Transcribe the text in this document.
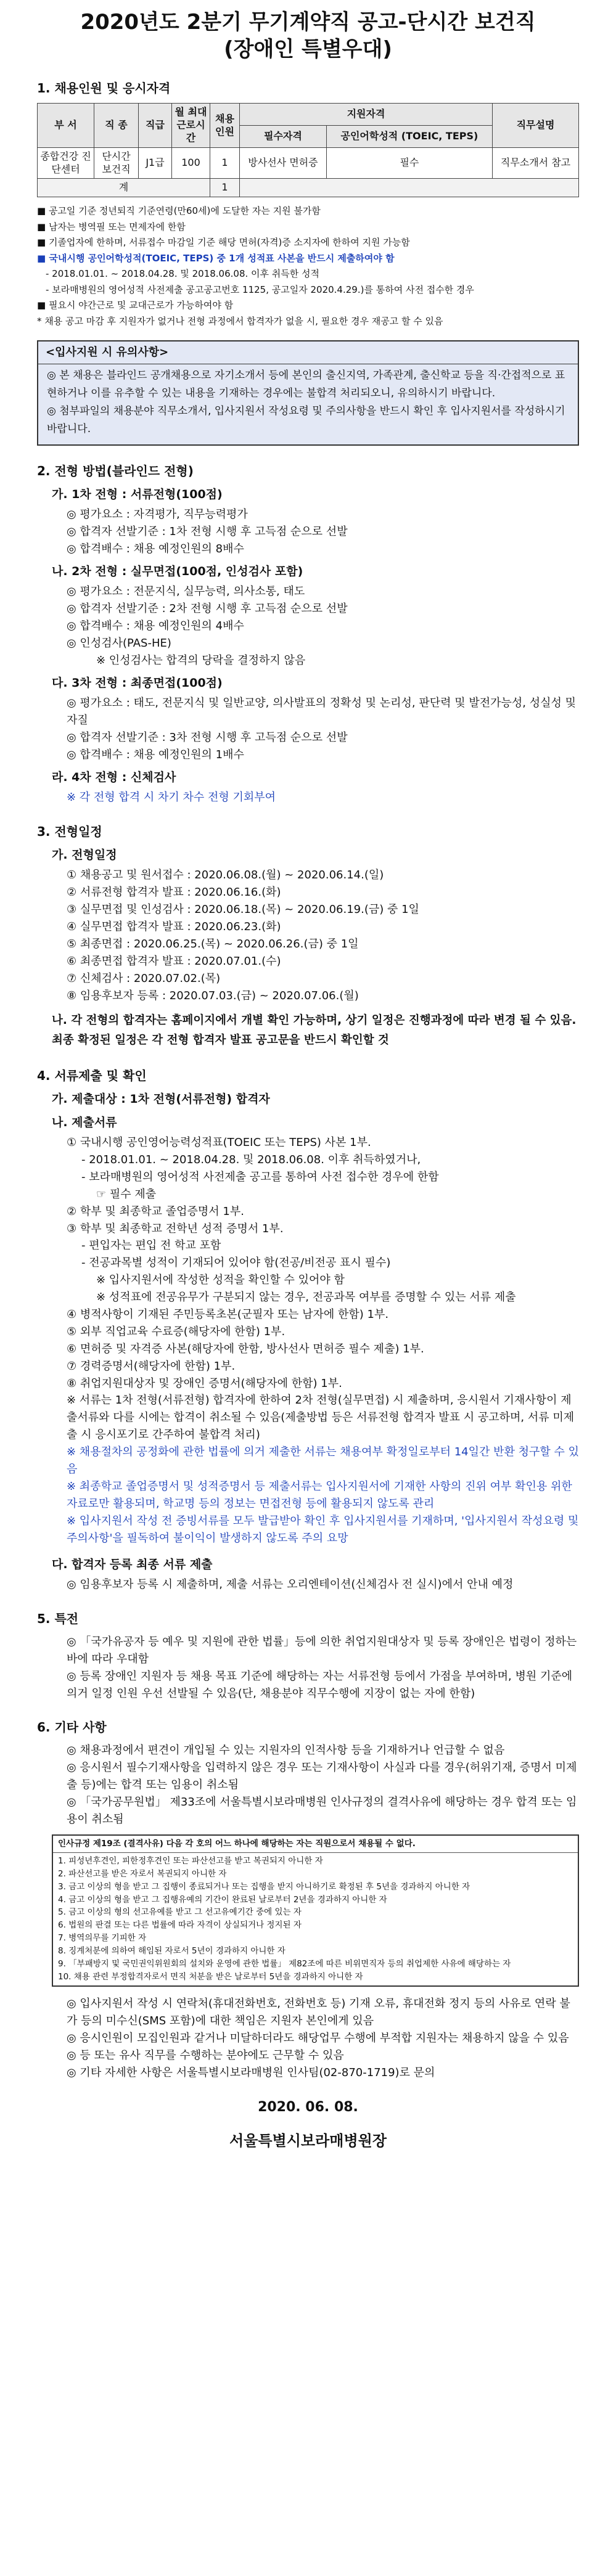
2020년도 2분기 무기계약직 공고-단시간 보건직
(장애인 특별우대)
1. 채용인원 및 응시자격
부 서	직 종	직급	월 최대 근로시간	채용 인원	지원자격		직무설명
					필수자격	공인어학성적 (TOEIC, TEPS)	
종합건강 진단센터	단시간 보건직	J1급	100	1	방사선사 면허증	필수	직무소개서 참고
계				1			
■ 공고일 기준 정년퇴직 기준연령(만60세)에 도달한 자는 지원 불가함
■ 남자는 병역필 또는 면제자에 한함
■ 기졸업자에 한하며, 서류접수 마감일 기준 해당 면허(자격)증 소지자에 한하여 지원 가능함
■ 국내시행 공인어학성적(TOEIC, TEPS) 중 1개 성적표 사본을 반드시 제출하여야 함
- 2018.01.01. ~ 2018.04.28. 및 2018.06.08. 이후 취득한 성적
- 보라매병원의 영어성적 사전제출 공고공고번호 1125, 공고일자 2020.4.29.)를 통하여 사전 접수한 경우
■ 필요시 야간근로 및 교대근로가 가능하여야 함
* 채용 공고 마감 후 지원자가 없거나 전형 과정에서 합격자가 없을 시, 필요한 경우 재공고 할 수 있음
<입사지원 시 유의사항>
◎ 본 채용은 블라인드 공개채용으로 자기소개서 등에 본인의 출신지역, 가족관계, 출신학교 등을 직·간접적으로 표현하거나 이를 유추할 수 있는 내용을 기재하는 경우에는 불합격 처리되오니, 유의하시기 바랍니다.
◎ 첨부파일의 채용분야 직무소개서, 입사지원서 작성요령 및 주의사항을 반드시 확인 후 입사지원서를 작성하시기 바랍니다.
2. 전형 방법(블라인드 전형)
가. 1차 전형 : 서류전형(100점)
◎ 평가요소 : 자격평가, 직무능력평가
◎ 합격자 선발기준 : 1차 전형 시행 후 고득점 순으로 선발
◎ 합격배수 : 채용 예정인원의 8배수
나. 2차 전형 : 실무면접(100점, 인성검사 포함)
◎ 평가요소 : 전문지식, 실무능력, 의사소통, 태도
◎ 합격자 선발기준 : 2차 전형 시행 후 고득점 순으로 선발
◎ 합격배수 : 채용 예정인원의 4배수
◎ 인성검사(PAS-HE)
※ 인성검사는 합격의 당락을 결정하지 않음
다. 3차 전형 : 최종면접(100점)
◎ 평가요소 : 태도, 전문지식 및 일반교양, 의사발표의 정확성 및 논리성, 판단력 및 발전가능성, 성실성 및 자질
◎ 합격자 선발기준 : 3차 전형 시행 후 고득점 순으로 선발
◎ 합격배수 : 채용 예정인원의 1배수
라. 4차 전형 : 신체검사
※ 각 전형 합격 시 차기 차수 전형 기회부여
3. 전형일정
가. 전형일정
① 채용공고 및 원서접수 : 2020.06.08.(월) ~ 2020.06.14.(일)
② 서류전형 합격자 발표 : 2020.06.16.(화)
③ 실무면접 및 인성검사 : 2020.06.18.(목) ~ 2020.06.19.(금) 중 1일
④ 실무면접 합격자 발표 : 2020.06.23.(화)
⑤ 최종면접 : 2020.06.25.(목) ~ 2020.06.26.(금) 중 1일
⑥ 최종면접 합격자 발표 : 2020.07.01.(수)
⑦ 신체검사 : 2020.07.02.(목)
⑧ 임용후보자 등록 : 2020.07.03.(금) ~ 2020.07.06.(월)
나. 각 전형의 합격자는 홈페이지에서 개별 확인 가능하며, 상기 일정은 진행과정에 따라 변경 될 수 있음. 최종 확정된 일정은 각 전형 합격자 발표 공고문을 반드시 확인할 것
4. 서류제출 및 확인
가. 제출대상 : 1차 전형(서류전형) 합격자
나. 제출서류
① 국내시행 공인영어능력성적표(TOEIC 또는 TEPS) 사본 1부.
- 2018.01.01. ~ 2018.04.28. 및 2018.06.08. 이후 취득하였거나,
- 보라매병원의 영어성적 사전제출 공고를 통하여 사전 접수한 경우에 한함
☞ 필수 제출
② 학부 및 최종학교 졸업증명서 1부.
③ 학부 및 최종학교 전학년 성적 증명서 1부.
- 편입자는 편입 전 학교 포함
- 전공과목별 성적이 기재되어 있어야 함(전공/비전공 표시 필수)
※ 입사지원서에 작성한 성적을 확인할 수 있어야 함
※ 성적표에 전공유무가 구분되지 않는 경우, 전공과목 여부를 증명할 수 있는 서류 제출
④ 병적사항이 기재된 주민등록초본(군필자 또는 남자에 한함) 1부.
⑤ 외부 직업교육 수료증(해당자에 한함) 1부.
⑥ 면허증 및 자격증 사본(해당자에 한함, 방사선사 면허증 필수 제출) 1부.
⑦ 경력증명서(해당자에 한함) 1부.
⑧ 취업지원대상자 및 장애인 증명서(해당자에 한함) 1부.
※ 서류는 1차 전형(서류전형) 합격자에 한하여 2차 전형(실무면접) 시 제출하며, 응시원서 기재사항이 제출서류와 다를 시에는 합격이 취소될 수 있음(제출방법 등은 서류전형 합격자 발표 시 공고하며, 서류 미제출 시 응시포기로 간주하여 불합격 처리)
※ 채용절차의 공정화에 관한 법률에 의거 제출한 서류는 채용여부 확정일로부터 14일간 반환 청구할 수 있음
※ 최종학교 졸업증명서 및 성적증명서 등 제출서류는 입사지원서에 기재한 사항의 진위 여부 확인용 위한 자료로만 활용되며, 학교명 등의 정보는 면접전형 등에 활용되지 않도록 관리
※ 입사지원서 작성 전 증빙서류를 모두 발급받아 확인 후 입사지원서를 기재하며, '입사지원서 작성요령 및 주의사항'을 필독하여 불이익이 발생하지 않도록 주의 요망
다. 합격자 등록 최종 서류 제출
◎ 임용후보자 등록 시 제출하며, 제출 서류는 오리엔테이션(신체검사 전 실시)에서 안내 예정
5. 특전
◎ 「국가유공자 등 예우 및 지원에 관한 법률」등에 의한 취업지원대상자 및 등록 장애인은 법령이 정하는 바에 따라 우대함
◎ 등록 장애인 지원자 등 채용 목표 기준에 해당하는 자는 서류전형 등에서 가점을 부여하며, 병원 기준에 의거 일정 인원 우선 선발될 수 있음(단, 채용분야 직무수행에 지장이 없는 자에 한함)
6. 기타 사항
◎ 채용과정에서 편견이 개입될 수 있는 지원자의 인적사항 등을 기재하거나 언급할 수 없음
◎ 응시원서 필수기재사항을 입력하지 않은 경우 또는 기재사항이 사실과 다를 경우(허위기재, 증명서 미제출 등)에는 합격 또는 임용이 취소됨
◎ 「국가공무원법」 제33조에 서울특별시보라매병원 인사규정의 결격사유에 해당하는 경우 합격 또는 임용이 취소됨
인사규정 제19조 (결격사유) 다음 각 호의 어느 하나에 해당하는 자는 직원으로서 채용될 수 없다.
1. 피성년후견인, 피한정후견인 또는 파산선고를 받고 복권되지 아니한 자
2. 파산선고를 받은 자로서 복권되지 아니한 자
3. 금고 이상의 형을 받고 그 집행이 종료되거나 또는 집행을 받지 아니하기로 확정된 후 5년을 경과하지 아니한 자
4. 금고 이상의 형을 받고 그 집행유예의 기간이 완료된 날로부터 2년을 경과하지 아니한 자
5. 금고 이상의 형의 선고유예를 받고 그 선고유예기간 중에 있는 자
6. 법원의 판결 또는 다른 법률에 따라 자격이 상실되거나 정지된 자
7. 병역의무를 기피한 자
8. 징계처분에 의하여 해임된 자로서 5년이 경과하지 아니한 자
9. 「부패방지 및 국민권익위원회의 설치와 운영에 관한 법률」 제82조에 따른 비위면직자 등의 취업제한 사유에 해당하는 자
10. 채용 관련 부정합격자로서 면직 처분을 받은 날로부터 5년을 경과하지 아니한 자
◎ 입사지원서 작성 시 연락처(휴대전화번호, 전화번호 등) 기재 오류, 휴대전화 정지 등의 사유로 연락 불가 등의 미수신(SMS 포함)에 대한 책임은 지원자 본인에게 있음
◎ 응시인원이 모집인원과 같거나 미달하더라도 해당업무 수행에 부적합 지원자는 채용하지 않을 수 있음
◎ 등 또는 유사 직무를 수행하는 분야에도 근무할 수 있음
◎ 기타 자세한 사항은 서울특별시보라매병원 인사팀(02-870-1719)로 문의
2020. 06. 08.
서울특별시보라매병원장
